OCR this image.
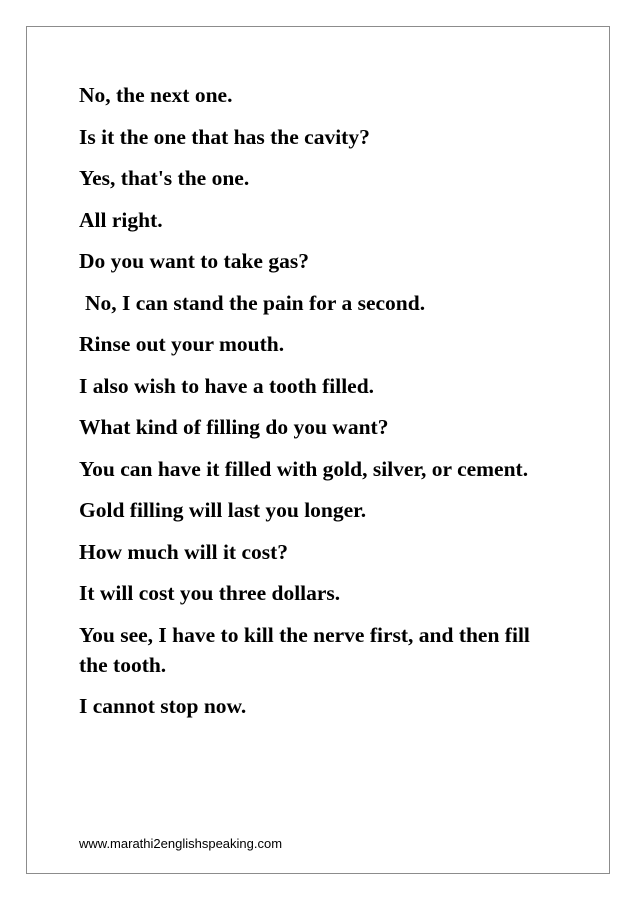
No, the next one.
Is it the one that has the cavity?
Yes, that's the one.
All right.
Do you want to take gas?
No, I can stand the pain for a second.
Rinse out your mouth.
I also wish to have a tooth filled.
What kind of filling do you want?
You can have it filled with gold, silver, or cement.
Gold filling will last you longer.
How much will it cost?
It will cost you three dollars.
You see, I have to kill the nerve first, and then fill the tooth.
I cannot stop now.
www.marathi2englishspeaking.com
